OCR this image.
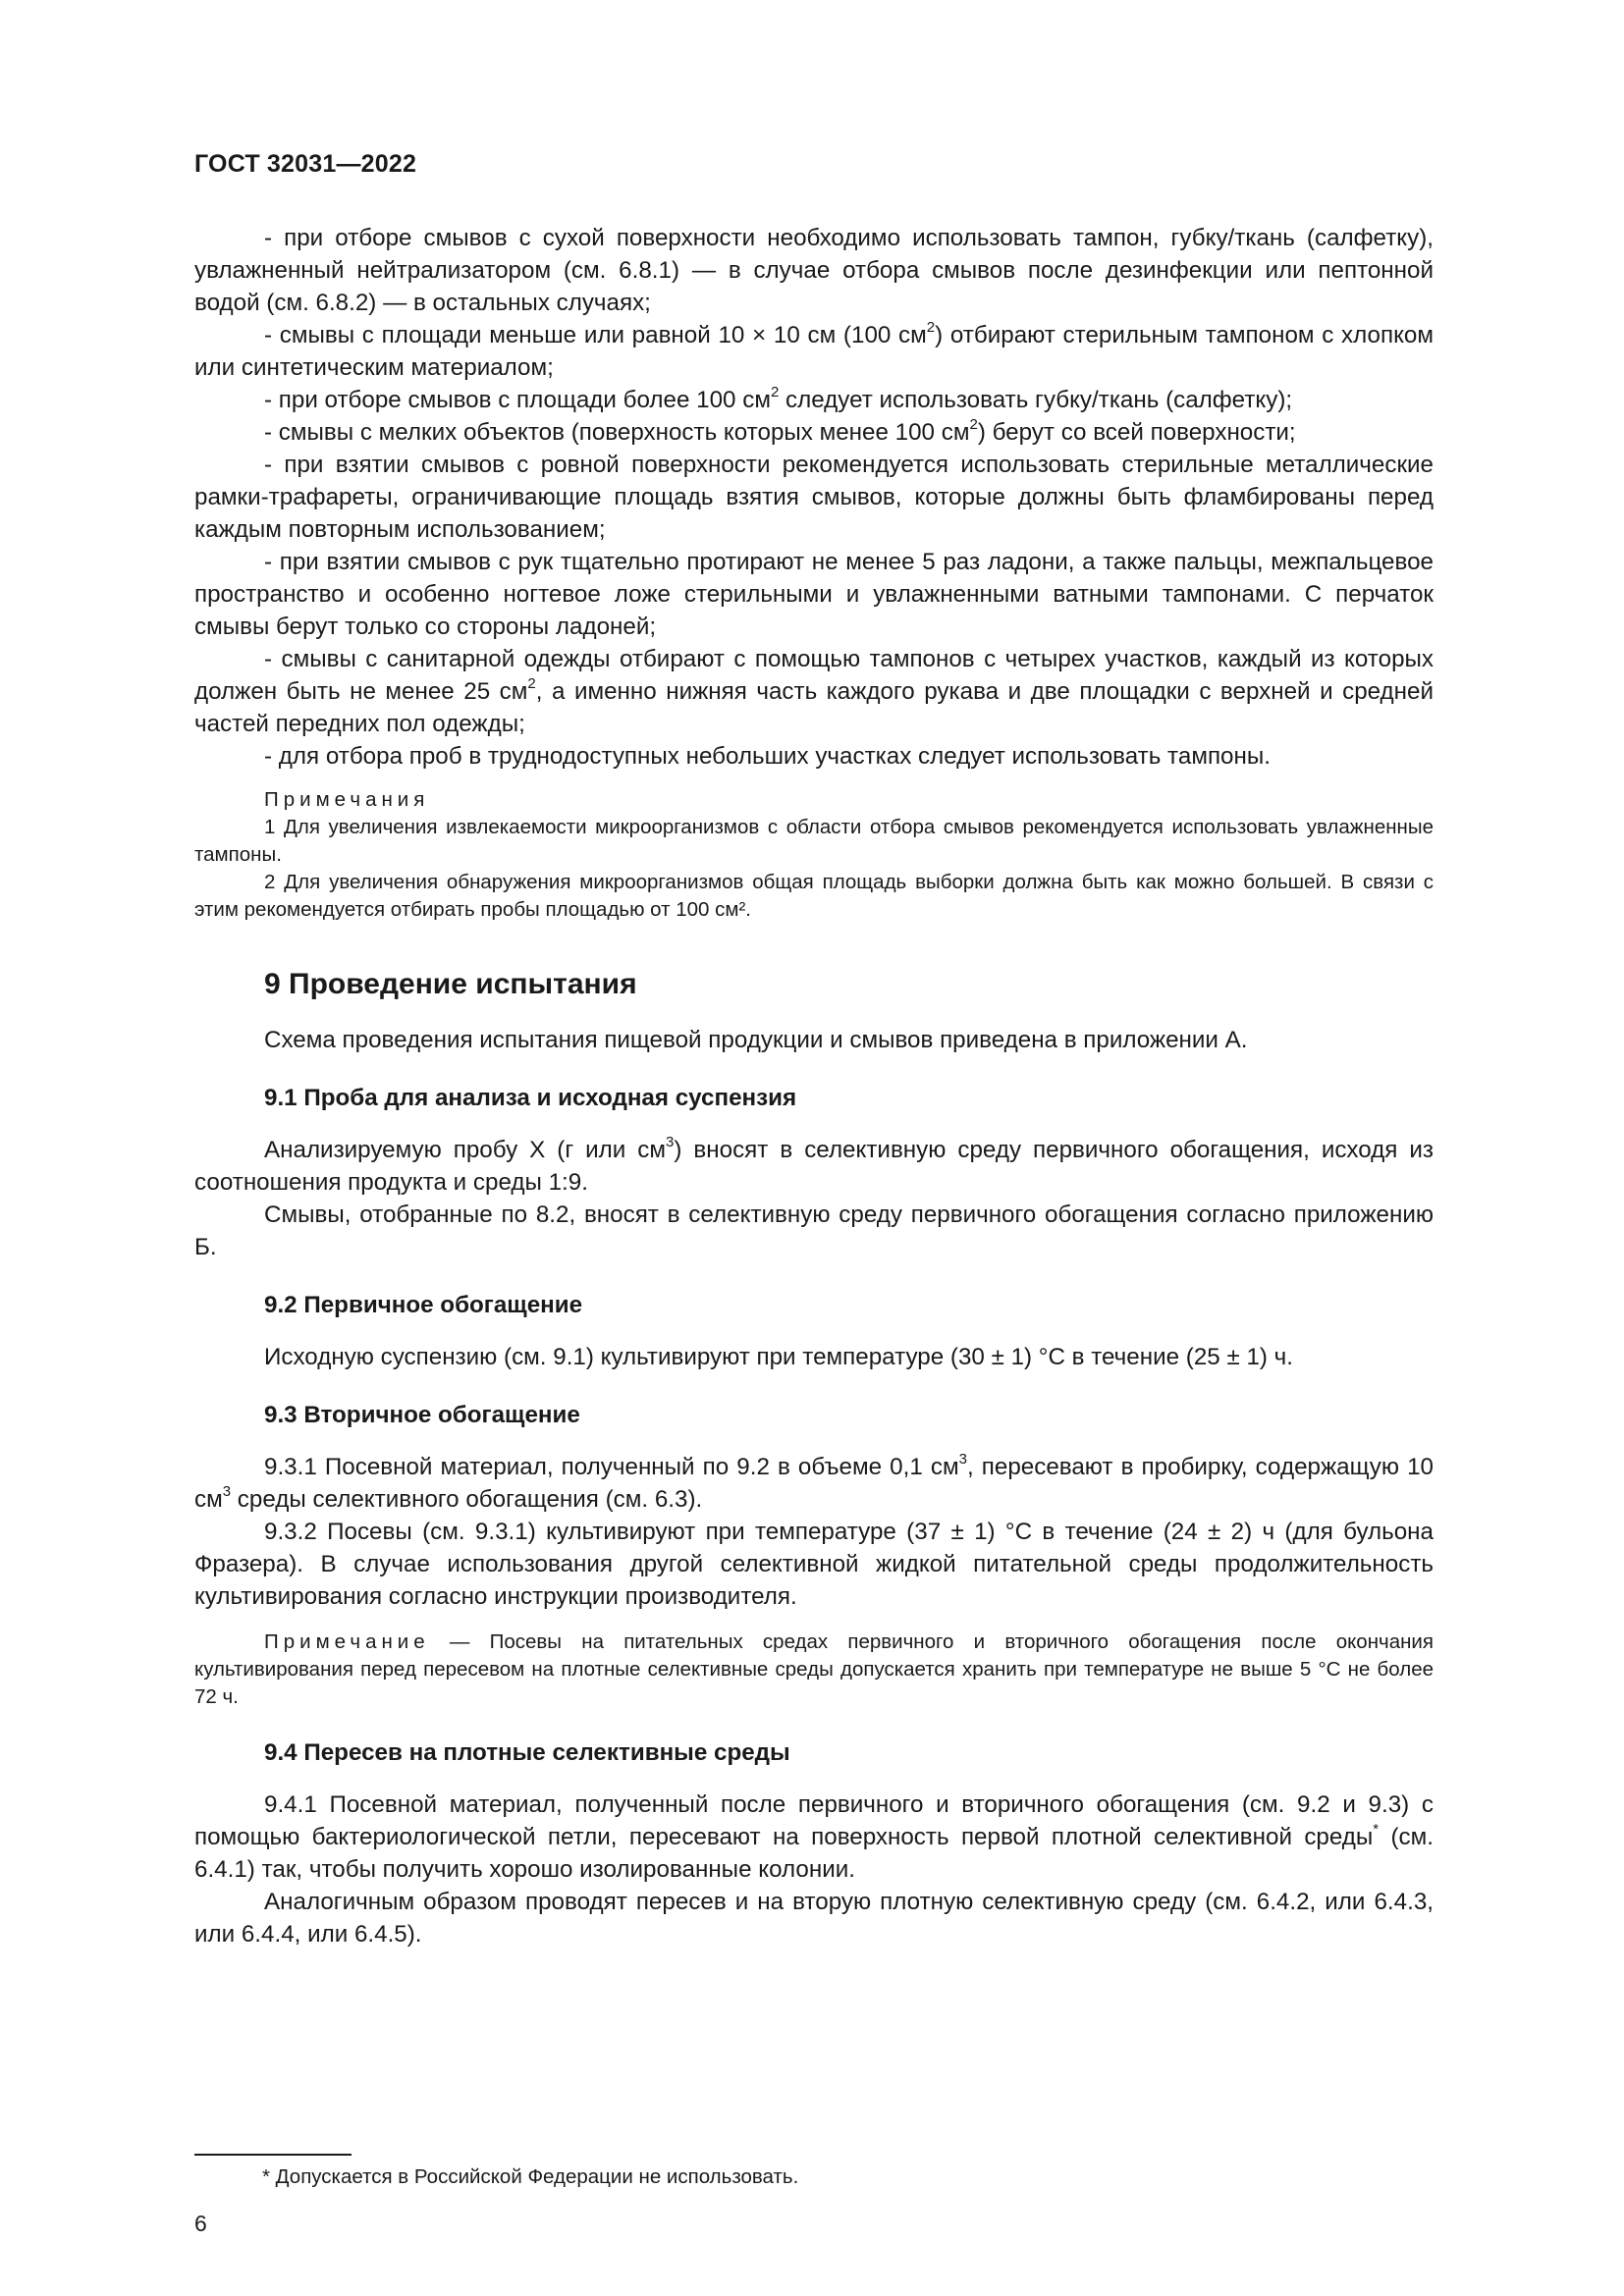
ГОСТ 32031—2022

- при отборе смывов с сухой поверхности необходимо использовать тампон, губку/ткань (салфетку), увлажненный нейтрализатором (см. 6.8.1) — в случае отбора смывов после дезинфекции или пептонной водой (см. 6.8.2) — в остальных случаях;

- смывы с площади меньше или равной 10 × 10 см (100 $см^2$) отбирают стерильным тампоном с хлопком или синтетическим материалом;

- при отборе смывов с площади более 100 $см^2$ следует использовать губку/ткань (салфетку);

- смывы с мелких объектов (поверхность которых менее 100 $см^2$) берут со всей поверхности;

- при взятии смывов с ровной поверхности рекомендуется использовать стерильные металлические рамки-трафареты, ограничивающие площадь взятия смывов, которые должны быть фламбированы перед каждым повторным использованием;

- при взятии смывов с рук тщательно протирают не менее 5 раз ладони, а также пальцы, межпальцевое пространство и особенно ногтевое ложе стерильными и увлажненными ватными тампонами. С перчаток смывы берут только со стороны ладоней;

- смывы с санитарной одежды отбирают с помощью тампонов с четырех участков, каждый из которых должен быть не менее 25 $см^2$, а именно нижняя часть каждого рукава и две площадки с верхней и средней частей передних пол одежды;

- для отбора проб в труднодоступных небольших участках следует использовать тампоны.

Примечания

1 Для увеличения извлекаемости микроорганизмов с области отбора смывов рекомендуется использовать увлажненные тампоны.

2 Для увеличения обнаружения микроорганизмов общая площадь выборки должна быть как можно большей. В связи с этим рекомендуется отбирать пробы площадью от 100 см².

9 Проведение испытания

Схема проведения испытания пищевой продукции и смывов приведена в приложении А.

9.1 Проба для анализа и исходная суспензия

Анализируемую пробу X (г или $см^3$) вносят в селективную среду первичного обогащения, исходя из соотношения продукта и среды 1:9.

Смывы, отобранные по 8.2, вносят в селективную среду первичного обогащения согласно приложению Б.

9.2 Первичное обогащение

Исходную суспензию (см. 9.1) культивируют при температуре (30 ± 1) °С в течение (25 ± 1) ч.

9.3 Вторичное обогащение

9.3.1 Посевной материал, полученный по 9.2 в объеме 0,1 $см^3$, пересевают в пробирку, содержащую 10 $см^3$ среды селективного обогащения (см. 6.3).

9.3.2 Посевы (см. 9.3.1) культивируют при температуре (37 ± 1) °С в течение (24 ± 2) ч (для бульона Фразера). В случае использования другой селективной жидкой питательной среды продолжительность культивирования согласно инструкции производителя.

Примечание — Посевы на питательных средах первичного и вторичного обогащения после окончания культивирования перед пересевом на плотные селективные среды допускается хранить при температуре не выше 5 °С не более 72 ч.

9.4 Пересев на плотные селективные среды

9.4.1 Посевной материал, полученный после первичного и вторичного обогащения (см. 9.2 и 9.3) с помощью бактериологической петли, пересевают на поверхность первой плотной селективной среды* (см. 6.4.1) так, чтобы получить хорошо изолированные колонии.

Аналогичным образом проводят пересев и на вторую плотную селективную среду (см. 6.4.2, или 6.4.3, или 6.4.4, или 6.4.5).

* Допускается в Российской Федерации не использовать.
6
